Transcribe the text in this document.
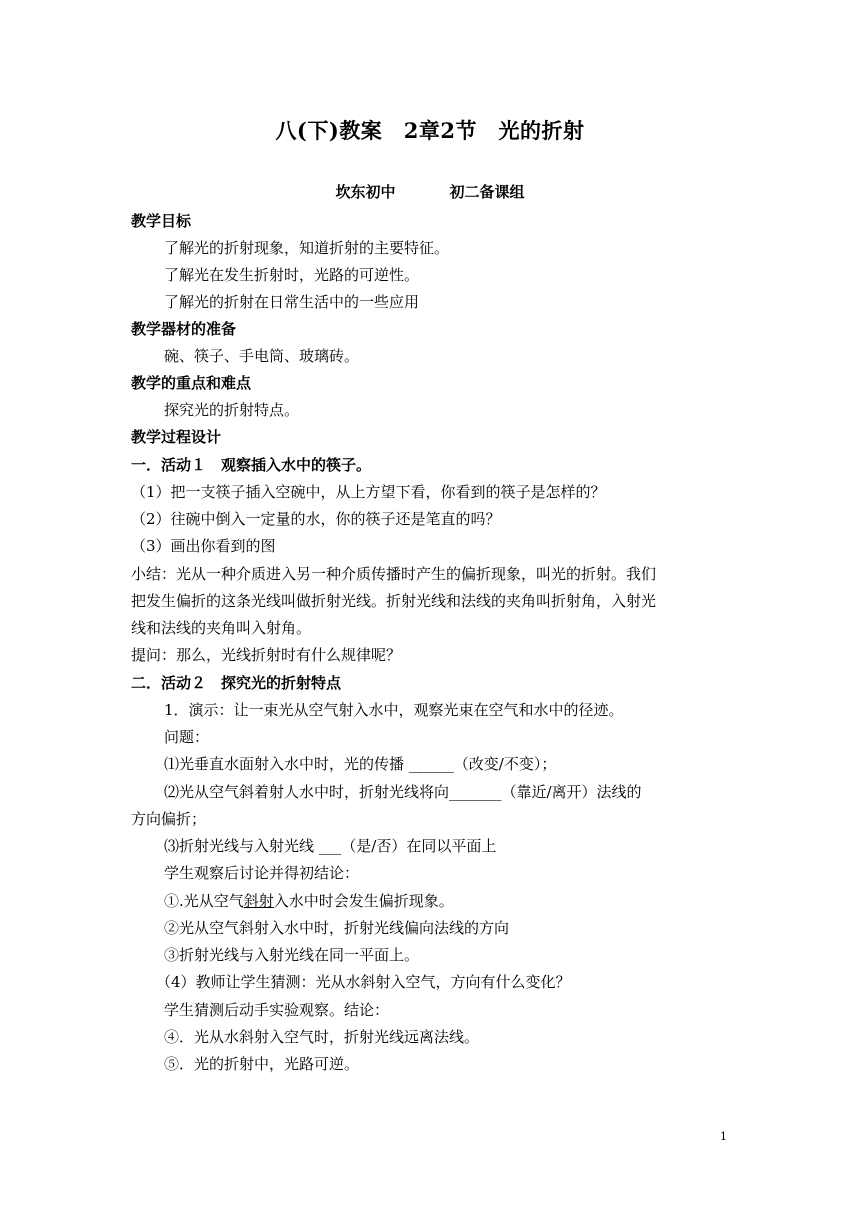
八(下)教案　2章2节　光的折射
坎东初中	初二备课组
教学目标
了解光的折射现象，知道折射的主要特征。
了解光在发生折射时，光路的可逆性。
了解光的折射在日常生活中的一些应用
教学器材的准备
碗、筷子、手电筒、玻璃砖。
教学的重点和难点
探究光的折射特点。
教学过程设计
一．活动１　观察插入水中的筷子。
（1）把一支筷子插入空碗中，从上方望下看，你看到的筷子是怎样的？
（2）往碗中倒入一定量的水，你的筷子还是笔直的吗？
（3）画出你看到的图
小结：光从一种介质进入另一种介质传播时产生的偏折现象，叫光的折射。我们
把发生偏折的这条光线叫做折射光线。折射光线和法线的夹角叫折射角，入射光
线和法线的夹角叫入射角。
提问：那么，光线折射时有什么规律呢？
二．活动２　探究光的折射特点
1．演示：让一束光从空气射入水中，观察光束在空气和水中的径迹。
问题：
⑴光垂直水面射入水中时，光的传播 ______（改变/不变）；
⑵光从空气斜着射人水中时，折射光线将向_______（靠近/离开）法线的
方向偏折；
⑶折射光线与入射光线 ___（是/否）在同以平面上
学生观察后讨论并得初结论：
①.光从空气斜射入水中时会发生偏折现象。
②光从空气斜射入水中时，折射光线偏向法线的方向
③折射光线与入射光线在同一平面上。
（4）教师让学生猜测：光从水斜射入空气，方向有什么变化？
学生猜测后动手实验观察。结论：
④．光从水斜射入空气时，折射光线远离法线。
⑤．光的折射中，光路可逆。
1
